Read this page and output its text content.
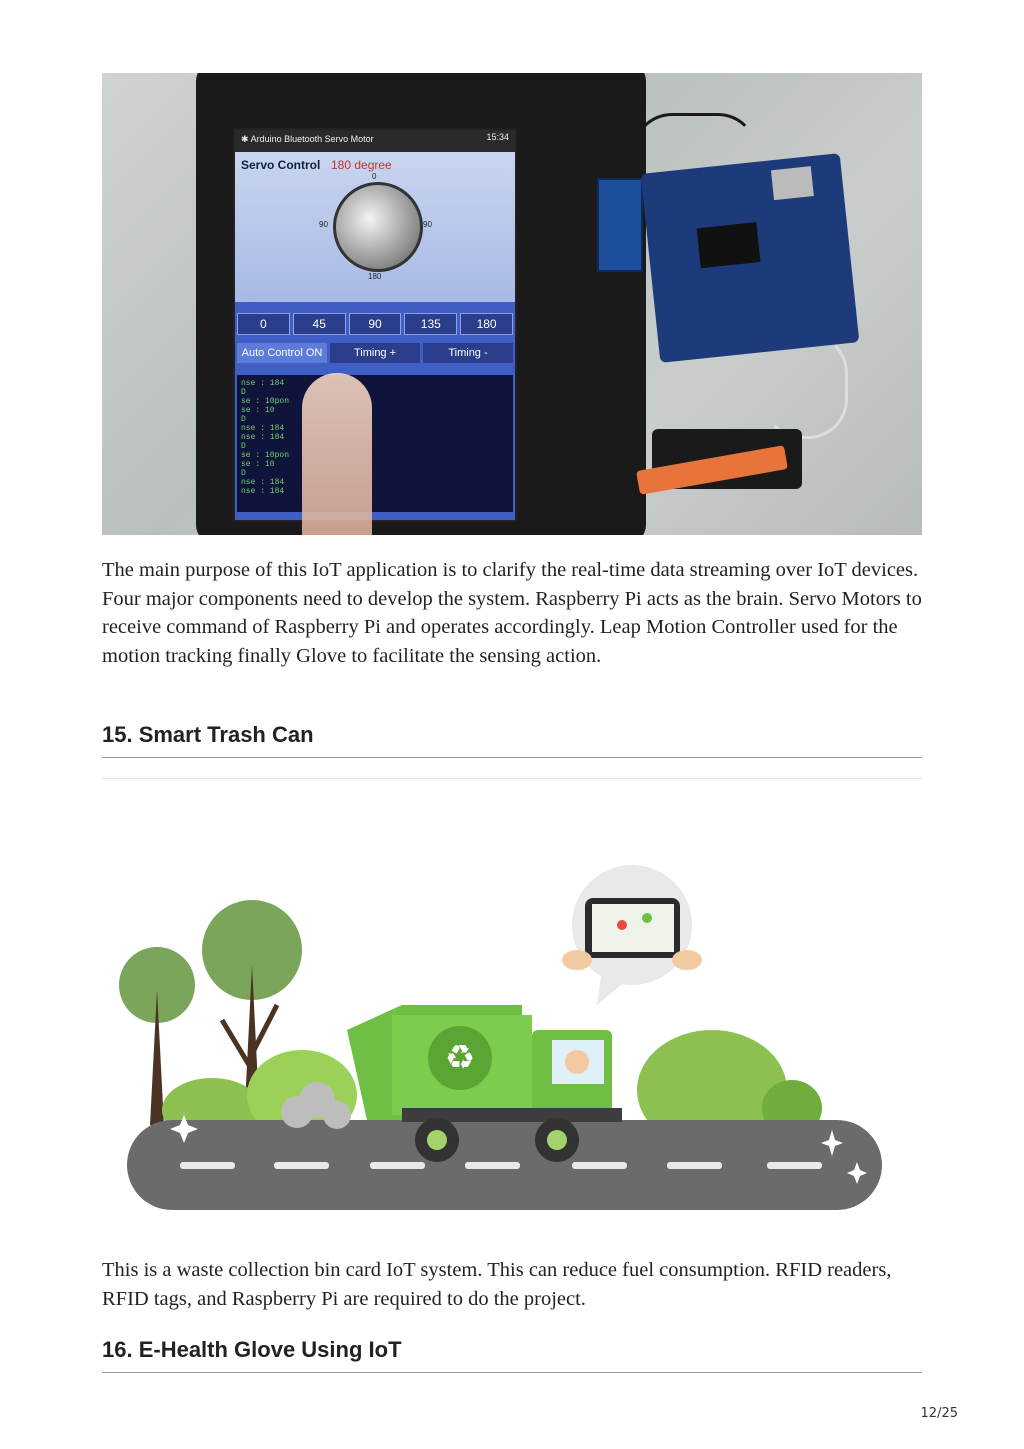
✱ Arduino Bluetooth Servo Motor	15:34
Servo Control 180 degree
0
90	90
180
0	45	90	135	180
Auto Control ON	Timing +	Timing -
nse : 184
D
se : 10pon
se : 10
D
nse : 184
nse : 184
D
se : 10pon
se : 10
D
nse : 184
nse : 184

The main purpose of this IoT application is to clarify the real-time data streaming over IoT devices. Four major components need to develop the system. Raspberry Pi acts as the brain. Servo Motors to receive command of Raspberry Pi and operates accordingly. Leap Motion Controller used for the motion tracking finally Glove to facilitate the sensing action.

15. Smart Trash Can
♻

This is a waste collection bin card IoT system. This can reduce fuel consumption. RFID readers, RFID tags, and Raspberry Pi are required to do the project.

16. E-Health Glove Using IoT
12/25
